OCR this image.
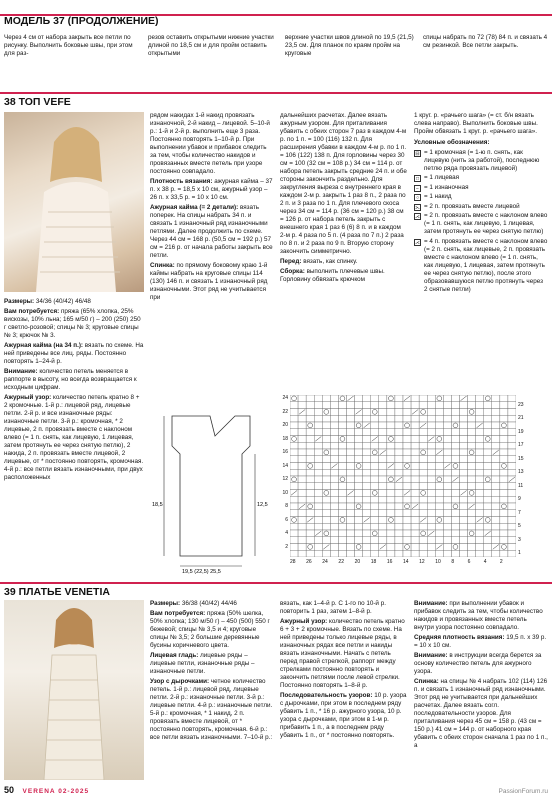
МОДЕЛЬ 37 (ПРОДОЛЖЕНИЕ)
Через 4 см от набора закрыть все петли по рисунку. Выполнить боковые швы, при этом для раз-
резов оставить открытыми нижние участки длиной по 18,5 см и для пройм оставить открытыми
верхние участки швов длиной по 19,5 (21,5) 23,5 см. Для планок по краям пройм на круговые
спицы набрать по 72 (78) 84 п. и связать 4 см резинкой. Все петли закрыть.
38 ТОП VEFE

Размеры: 34/36 (40/42) 46/48

Вам потребуется: пряжа (65% хлопка, 25% вискозы, 10% льна; 165 м/50 г) – 200 (250) 250 г светло-розовой; спицы № 3; круговые спицы № 3; крючок № 3.

Ажурная кайма (на 34 п.): вязать по схеме. На ней приведены все лиц. ряды. Постоянно повторять 1–24-й р.

Внимание: количество петель меняется в раппорте в высоту, но всегда возвращается к исходным цифрам.

Ажурный узор: количество петель кратно 8 + 2 кромочные. 1-й р.: лицевой ряд, лицевые петли. 2-й р. и все изнаночные ряды: изнаночные петли. 3-й р.: кромочная, * 2 лицевые, 2 п. провязать вместе с наклоном влево (= 1 п. снять, как лицевую, 1 лицевая, затем протянуть ее через снятую петлю), 2 накида, 2 п. провязать вместе лицевой, 2 лицевые, от * постоянно повторять, кромочная. 4-й р.: все петли вязать изнаночными, при двух расположенных

рядом накидах 1-й накид провязать изнаночной, 2-й накид – лицевой. 5–10-й р.: 1-й и 2-й р. выполнить еще 3 раза. Постоянно повторять 1–10-й р. При выполнении убавок и прибавок следить за тем, чтобы количество накидов и провязанных вместе петель при узоре постоянно совпадало.

Плотность вязания: ажурная кайма – 37 п. х 38 р. = 18,5 х 10 см, ажурный узор – 26 п. х 33,5 р. = 10 х 10 см.

Ажурная кайма (= 2 детали): вязать поперек. На спицы набрать 34 п. и связать 1 изнаночный ряд изнаночными петлями. Далее продолжить по схеме. Через 44 см = 168 р. (50,5 см = 192 р.) 57 см = 216 р. от начала работы закрыть все петли.

Спинка: по прямому боковому краю 1-й каймы набрать на круговые спицы 114 (130) 146 п. и связать 1 изнаночный ряд изнаночными. Этот ряд не учитывается при

дальнейших расчетах. Далее вязать ажурным узором. Для приталивания убавить с обеих сторон 7 раз в каждом 4-м р. по 1 п. = 100 (116) 132 п. Для расширения убавки в каждом 4-м р. по 1 п. = 106 (122) 138 п. Для горловины через 30 см = 100 (32 см = 108 р.) 34 см = 114 р. от набора петель закрыть средние 24 п. и обе стороны закончить раздельно. Для закругления выреза с внутреннего края в каждом 2-м р. закрыть 1 раз 8 п., 2 раза по 2 п. и 3 раза по 1 п. Для плечевого скоса через 34 см = 114 р. (36 см = 120 р.) 38 см = 126 р. от набора петель закрыть с внешнего края 1 раз 6 (6) 8 п. и в каждом 2-м р. 4 раза по 5 п. (4 раза по 7 п.) 2 раза по 8 п. и 2 раза по 9 п. Вторую сторону закончить симметрично.

Перед: вязать, как спинку.

Сборка: выполнить плечевые швы. Горловину обвязать крючком

1 круг. р. «рачьего шага» (= ст. б/н вязать слева направо). Выполнить боковые швы. Пройм обвязать 1 круг. р. «рачьего шага».

Условные обозначения:

⊟ = 1 кромочная (= 1-ю п. снять, как лицевую (нить за работой), последнюю петлю ряда провязать лицевой)
□ = 1 лицевая
− = 1 изнаночная
○ = 1 накид
⋋ = 2 п. провязать вместе лицевой
⋌ = 2 п. провязать вместе с наклоном влево (= 1 п. снять, как лицевую, 1 лицевая, затем протянуть ее через снятую петлю)
⋌ = 4 п. провязать вместе с наклоном влево (= 2 п. снять, как лицевые, 2 п. провязать вместе с наклоном влево (= 1 п. снять, как лицевую, 1 лицевая, затем протянуть ее через снятую петлю), после этого образовавшуюся петлю протянуть через 2 снятые петли)
19,5 (22,5) 25,5
18,5	12,5
24
22
20
18
16
14
12
10
8
6
4
2
23
21
19
17
15
13
11
9
7
5
3
1
28 26 24 22 20 18 16 14 12 10 8	6	4	2
39 ПЛАТЬЕ VENETIA

Размеры: 36/38 (40/42) 44/46

Вам потребуется: пряжа (50% шелка, 50% хлопка; 130 м/50 г) – 450 (500) 550 г бежевой; спицы № 3,5 и 4; круговые спицы № 3,5; 2 большие деревянные бусины коричневого цвета.

Лицевая гладь: лицевые ряды – лицевые петли, изнаночные ряды – изнаночные петли.

Узор с дырочками: четное количество петель. 1-й р.: лицевой ряд, лицевые петли. 2-й р.: изнаночные петли. 3-й р.: лицевые петли. 4-й р.: изнаночные петли. 5-й р.: кромочная, * 1 накид, 2 п. провязать вместе лицевой, от * постоянно повторять, кромочная. 6-й р.: все петли вязать изнаночными. 7–10-й р.:

вязать, как 1–4-й р. С 1-го по 10-й р. повторить 1 раз, затем 1–8-й р.

Ажурный узор: количество петель кратно 6 + 3 + 2 кромочные. Вязать по схеме. На ней приведены только лицевые ряды, в изнаночных рядах все петли и накиды вязать изнаночными. Начать с петель перед правой стрелкой, раппорт между стрелками постоянно повторять и закончить петлями после левой стрелки. Постоянно повторять 1–8-й р.

Последовательность узоров: 10 р. узора с дырочками, при этом в последнем ряду убавить 1 п., * 16 р. ажурного узора, 10 р. узора с дырочками, при этом в 1-м р. прибавить 1 п., а в последнем ряду убавить 1 п., от * постоянно повторять.

Внимание: при выполнении убавок и прибавок следить за тем, чтобы количество накидов и провязанных вместе петель внутри узора постоянно совпадало.

Средняя плотность вязания: 19,5 п. х 39 р. = 10 х 10 см.

Внимание: в инструкции всегда берется за основу количество петель для ажурного узора.

Спинка: на спицы № 4 набрать 102 (114) 126 п. и связать 1 изнаночный ряд изнаночными. Этот ряд не учитывается при дальнейших расчетах. Далее вязать согл. последовательности узоров. Для приталивания через 45 см = 158 р. (43 см = 150 р.) 41 см = 144 р. от наборного края убавить с обеих сторон сначала 1 раз по 1 п., а

50 VERENA 02-2025	PassionForum.ru
